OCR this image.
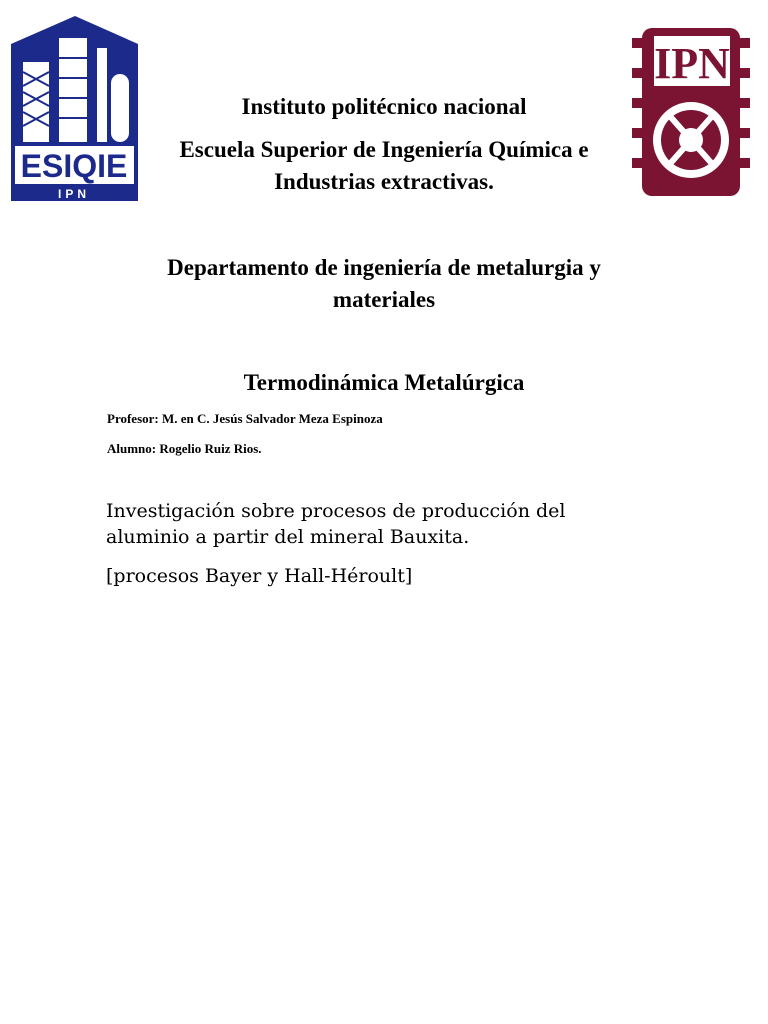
ESIQIE
IPN
IPN
Instituto politécnico nacional
Escuela Superior de Ingeniería Química e Industrias extractivas.
Departamento de ingeniería de metalurgia y materiales
Termodinámica Metalúrgica
Profesor: M. en C. Jesús Salvador Meza Espinoza
Alumno: Rogelio Ruiz Rios.
Investigación sobre procesos de producción del aluminio a partir del mineral Bauxita.
[procesos Bayer y Hall-Héroult]
